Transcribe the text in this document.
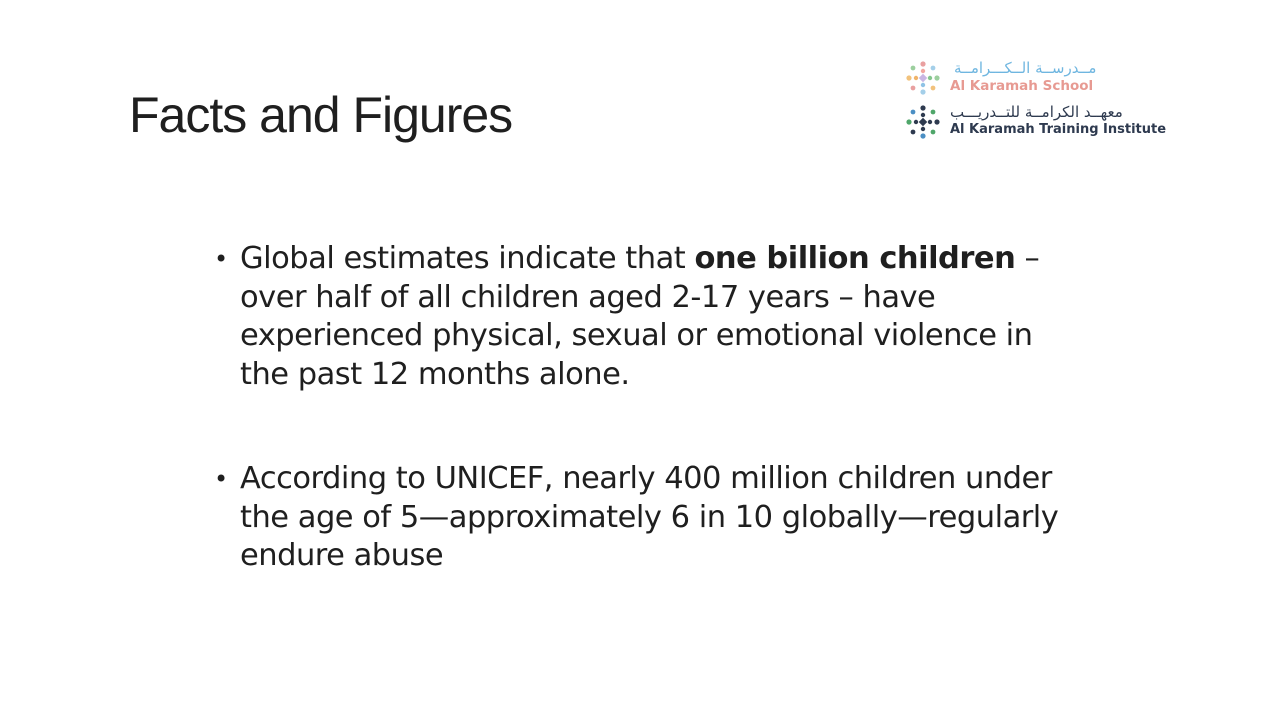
Facts and Figures
مــدرســة الــكـــرامــة
Al Karamah School
معهــد الكرامــة للتــدريـــب
Al Karamah Training Institute
• Global estimates indicate that one billion children – over half of all children aged 2-17 years – have experienced physical, sexual or emotional violence in the past 12 months alone.
• According to UNICEF, nearly 400 million children under the age of 5—approximately 6 in 10 globally—regularly endure abuse
